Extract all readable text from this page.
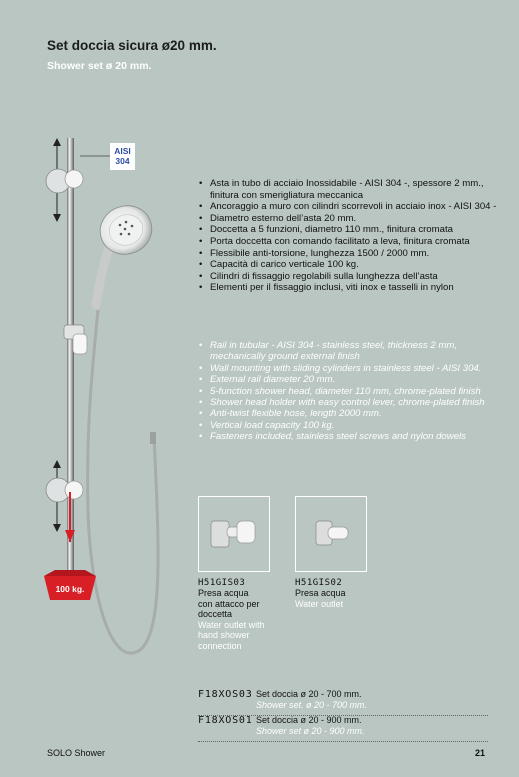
Set doccia sicura ø20 mm.
Shower set ø 20 mm.
AISI
304
100 kg.
• Asta in tubo di acciaio Inossidabile - AISI 304 -, spessore 2 mm., finitura con smerigliatura meccanica
• Ancoraggio a muro con cilindri scorrevoli in acciaio inox - AISI 304 -
• Diametro esterno dell’asta 20 mm.
• Doccetta a 5 funzioni, diametro 110 mm., finitura cromata
• Porta doccetta con comando facilitato a leva, finitura cromata
• Flessibile anti-torsione, lunghezza 1500 / 2000 mm.
• Capacità di carico verticale 100 kg.
• Cilindri di fissaggio regolabili sulla lunghezza dell’asta
• Elementi per il fissaggio inclusi, viti inox e tasselli in nylon
• Rail in tubular - AISI 304 - stainless steel, thickness 2 mm, mechanically ground external finish
• Wall mounting with sliding cylinders in stainless steel - AISI 304.
• External rail diameter 20 mm.
• 5-function shower head, diameter 110 mm, chrome-plated finish
• Shower head holder with easy control lever, chrome-plated finish
• Anti-twist flexible hose, length 2000 mm.
• Vertical load capacity 100 kg.
• Fasteners included, stainless steel screws and nylon dowels
H51GIS03
Presa acqua
con attacco per
doccetta
Water outlet with
hand shower
connection
H51GIS02
Presa acqua
Water outlet
F18XOS03 Set doccia ø 20 - 700 mm.
Shower set. ø 20 - 700 mm.
F18XOS01 Set doccia ø 20 - 900 mm.
Shower set ø 20 - 900 mm.
SOLO Shower	21
